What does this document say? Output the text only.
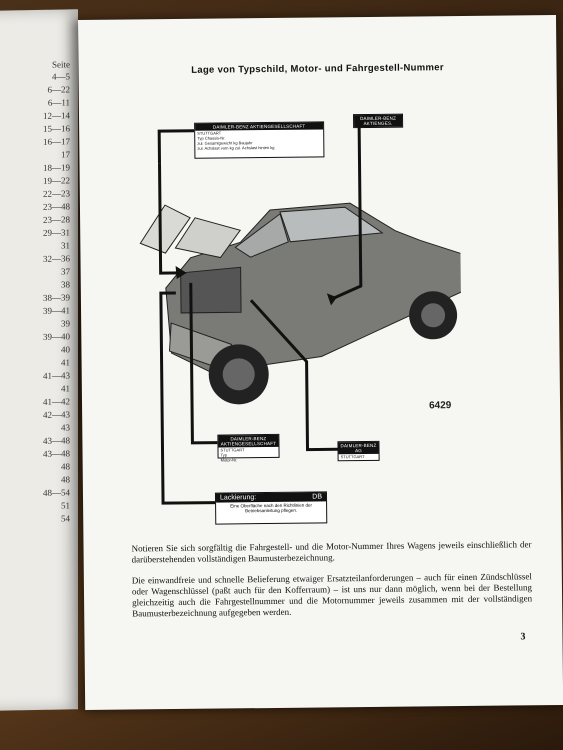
Seite
4—5
6—22
6—11
12—14
15—16
16—17
17
18—19
19—22
22—23
23—48
23—28
29—31
31
32—36
37
38
38—39
39—41
39
39—40
40
41
41—43
41
41—42
42—43
43
43—48
43—48
48
48
48—54
51
54
Lage von Typschild, Motor- und Fahrgestell-Nummer
DAIMLER-BENZ AKTIENGESELLSCHAFT
STUTTGART
Typ Chassis-Nr.
zul. Gesamtgewicht kg Baujahr
zul. Achslast vorn kg zul. Achslast hinten kg
DAIMLER-BENZ AKTIENGES.
DAIMLER-BENZ AKTIENGESELLSCHAFT
STUTTGART
Typ
Motor-Nr.
DAIMLER-BENZ AG
STUTTGART
Lackierung:	DB
Eine Oberfläche nach den Richtlinien der Betriebsanleitung pflegen.
6429
Notieren Sie sich sorgfältig die Fahrgestell- und die Motor-Nummer Ihres Wagens jeweils einschließlich der darüberstehenden vollständigen Baumusterbezeichnung.
Die einwandfreie und schnelle Belieferung etwaiger Ersatzteilanforderungen – auch für einen Zündschlüssel oder Wagenschlüssel (paßt auch für den Kofferraum) – ist uns nur dann möglich, wenn bei der Bestellung gleichzeitig auch die Fahrgestellnummer und die Motornummer jeweils zusammen mit der vollständigen Baumusterbezeichnung aufgegeben werden.
3
